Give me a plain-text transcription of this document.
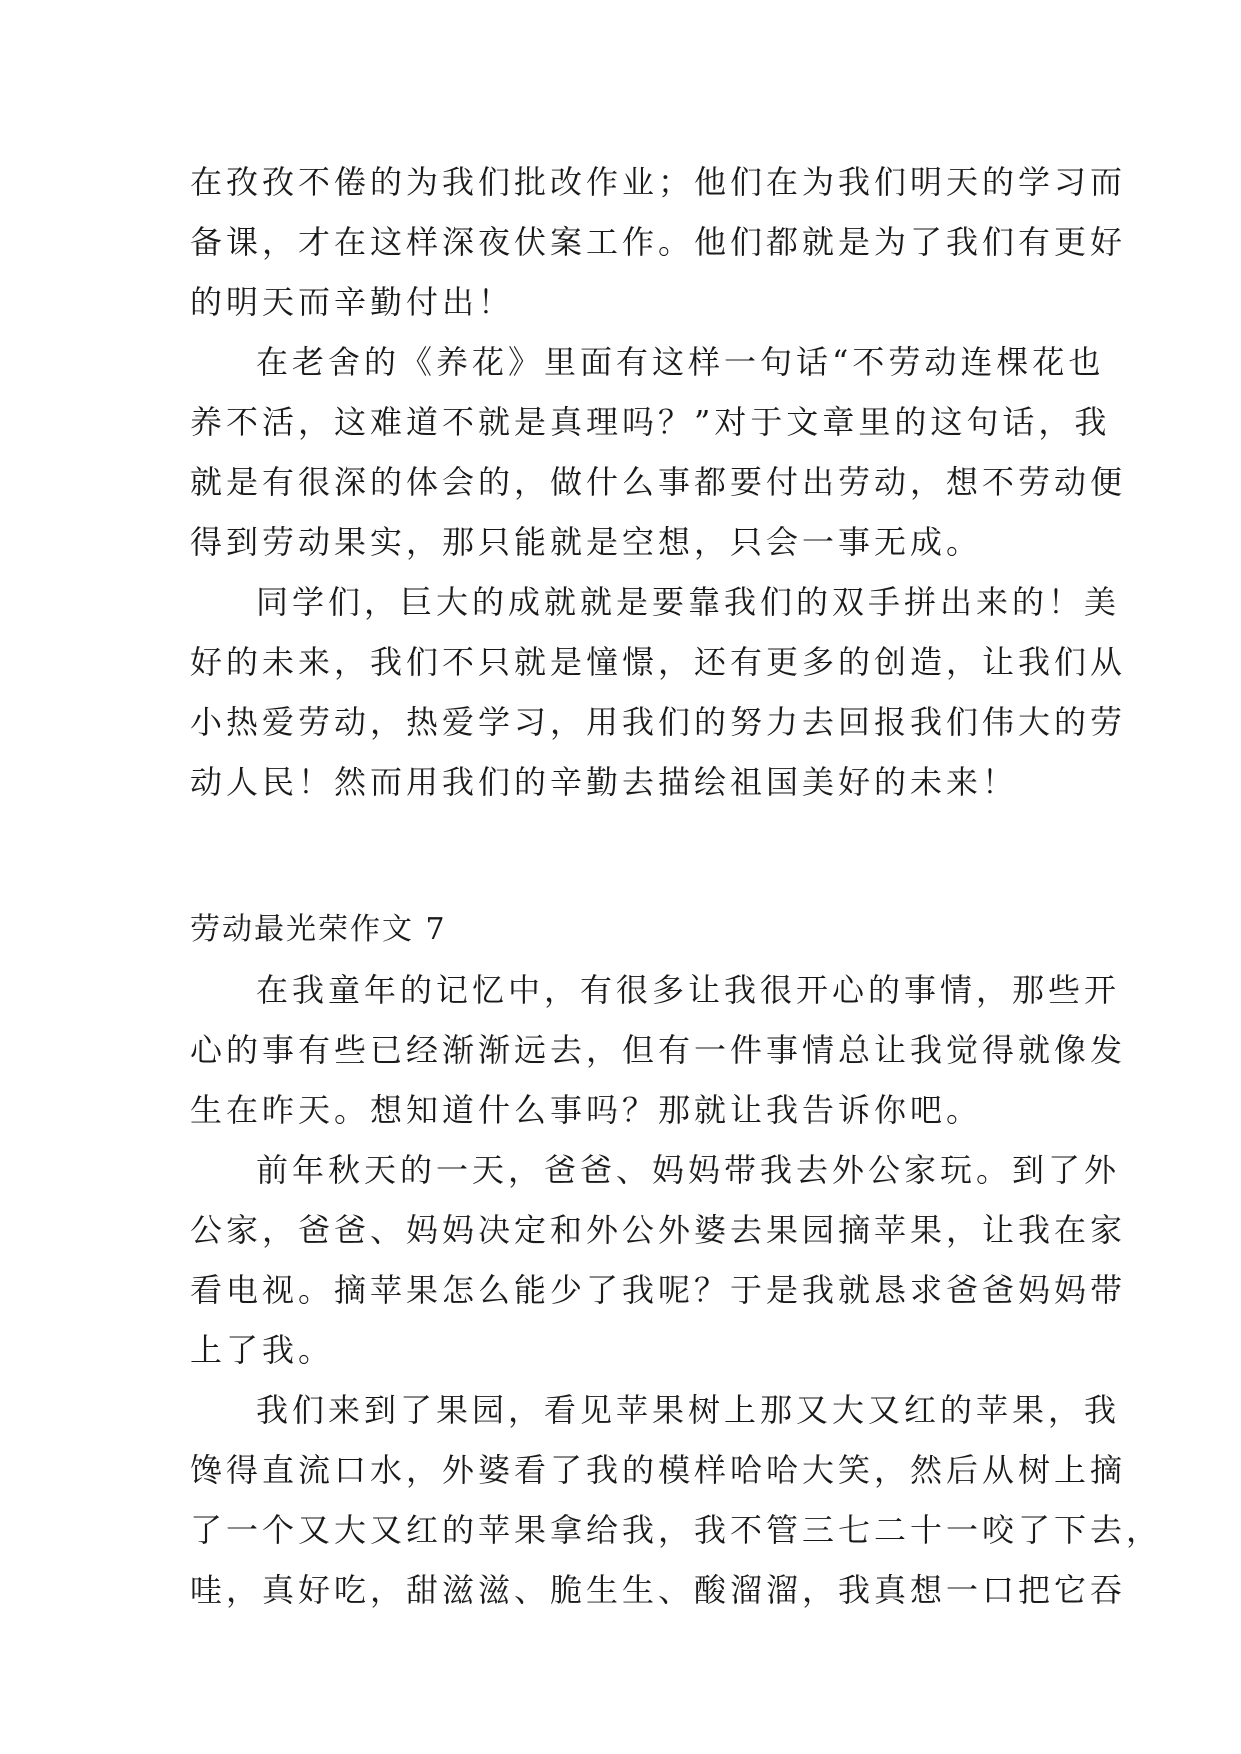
在孜孜不倦的为我们批改作业；他们在为我们明天的学习而
备课，才在这样深夜伏案工作。他们都就是为了我们有更好
的明天而辛勤付出！
在老舍的《养花》里面有这样一句话“不劳动连棵花也
养不活，这难道不就是真理吗？”对于文章里的这句话，我
就是有很深的体会的，做什么事都要付出劳动，想不劳动便
得到劳动果实，那只能就是空想，只会一事无成。
同学们，巨大的成就就是要靠我们的双手拼出来的！美
好的未来，我们不只就是憧憬，还有更多的创造，让我们从
小热爱劳动，热爱学习，用我们的努力去回报我们伟大的劳
动人民！然而用我们的辛勤去描绘祖国美好的未来！
劳动最光荣作文 7
在我童年的记忆中，有很多让我很开心的事情，那些开
心的事有些已经渐渐远去，但有一件事情总让我觉得就像发
生在昨天。想知道什么事吗？那就让我告诉你吧。
前年秋天的一天，爸爸、妈妈带我去外公家玩。到了外
公家，爸爸、妈妈决定和外公外婆去果园摘苹果，让我在家
看电视。摘苹果怎么能少了我呢？于是我就恳求爸爸妈妈带
上了我。
我们来到了果园，看见苹果树上那又大又红的苹果，我
馋得直流口水，外婆看了我的模样哈哈大笑，然后从树上摘
了一个又大又红的苹果拿给我，我不管三七二十一咬了下去，
哇，真好吃，甜滋滋、脆生生、酸溜溜，我真想一口把它吞
